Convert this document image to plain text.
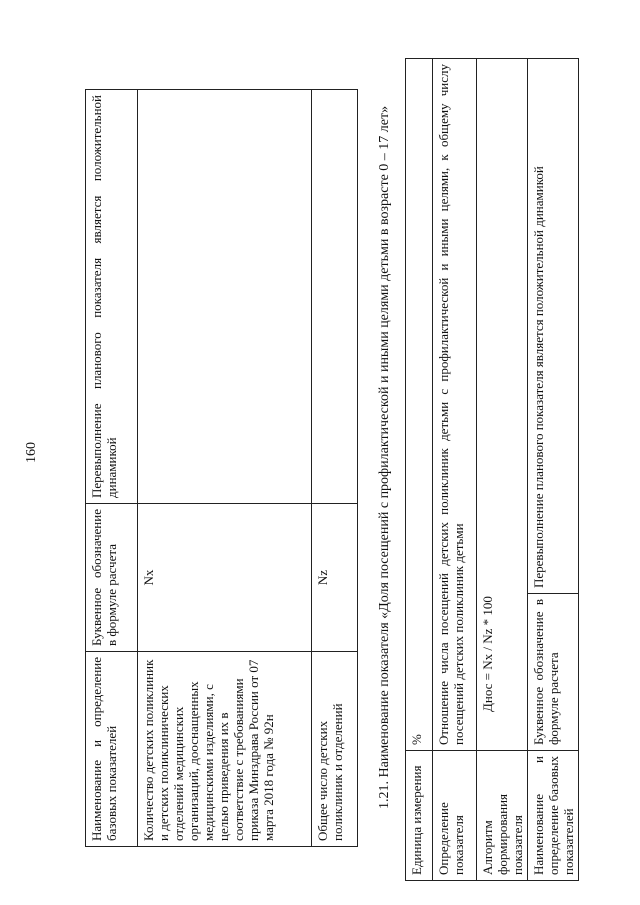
160
Наименование и определение базовых показателей	Буквенное обозначение в формуле расчета	Перевыполнение планового показателя является положительной динамикой
Количество детских поликлиник и детских поликлинических отделений медицинских организаций, дооснащенных медицинскими изделиями, с целью приведения их в соответствие с требованиями приказа Минздрава России от 07 марта 2018 года № 92н	Nx	
Общее число детских поликлиник и отделений	Nz		1.21. Наименование показателя «Доля посещений с профилактической и иными целями детьми в возрасте 0 – 17 лет»
Единица измерения	%	
Определение показателя	Отношение числа посещений детских поликлиник детьми с профилактической и иными целями, к общему числу посещений детских поликлиник детьми	
Алгоритм формирования показателя	Днос = Nx / Nz * 100	
Наименование и определение базовых показателей	Буквенное обозначение в формуле расчета	Перевыполнение планового показателя является положительной динамикой
